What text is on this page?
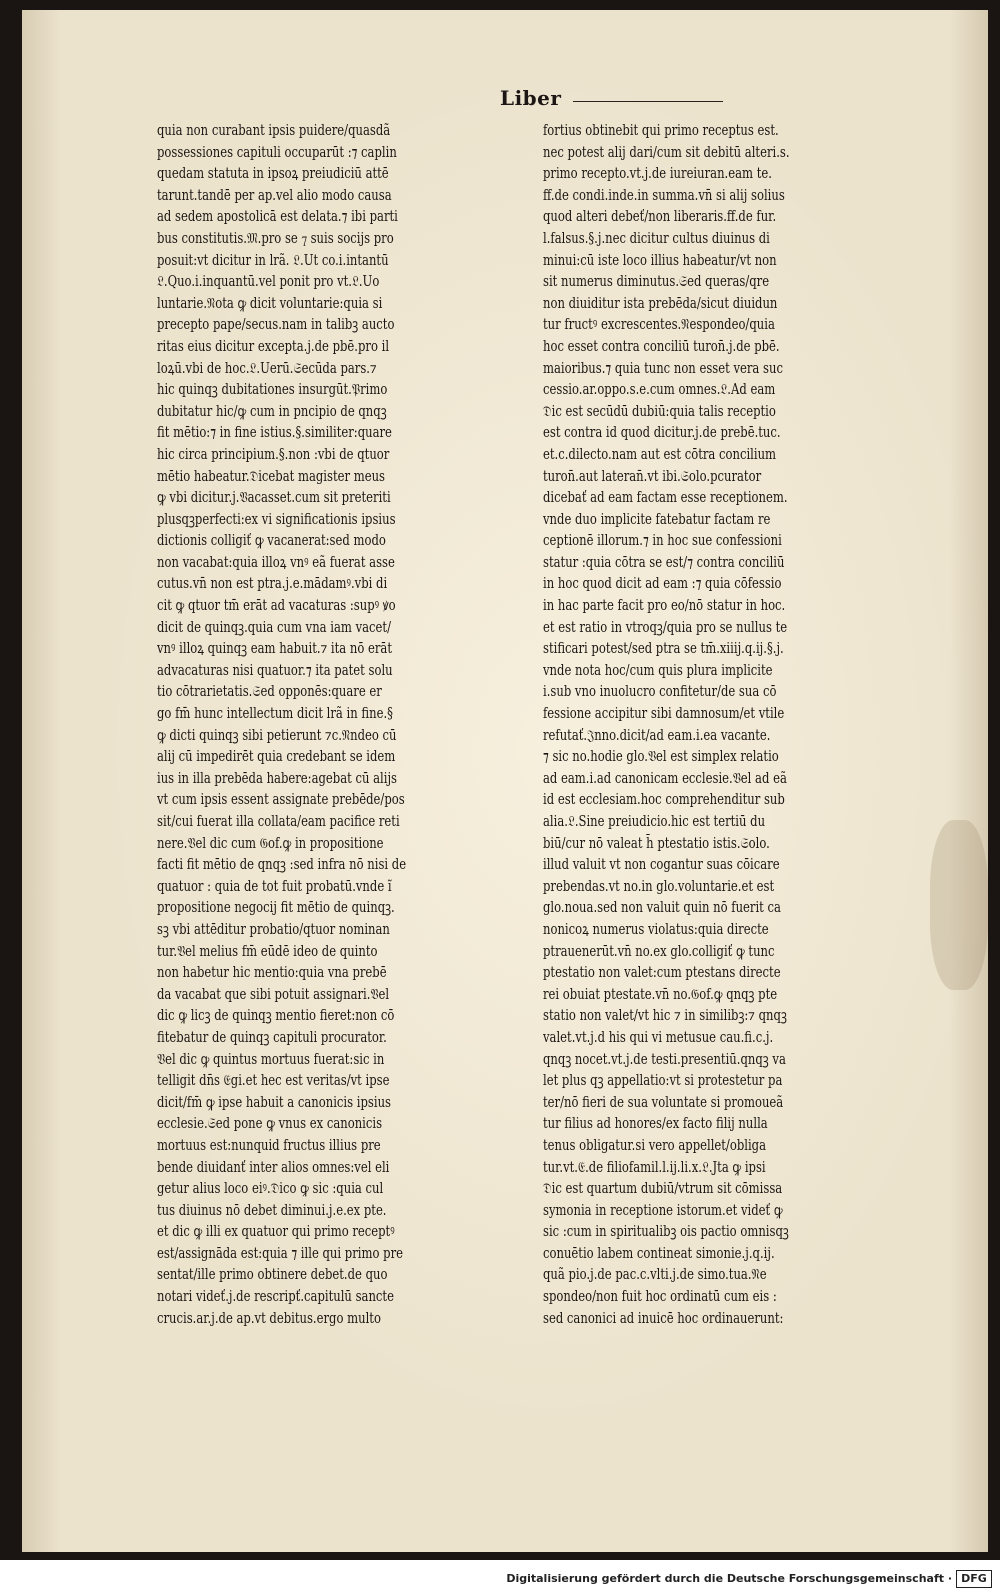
Liber
quia non curabant ipsis puidere/quasdã
possessiones capituli occuparūt :⁊ caplin
quedam statuta in ipsoꝝ preiudiciū attē
tarunt.tandē per ap.vel alio modo causa
ad sedem apostolicā est delata.⁊ ibi parti
bus constitutis.𝔐.pro se ⁊ suis socijs pro
posuit:vt dicitur in lrã. 𝔏.Ut co.i.intantū
𝔏.Quo.i.inquantū.vel ponit pro vt.𝔏.Uo
luntarie.𝔑ota ꝙ dicit voluntarie:quia si
precepto pape/secus.nam in talibꝫ aucto
ritas eius dicitur excepta.j.de pbē.pro il
loꝝū.vbi de hoc.𝔏.Uerū.𝔖ecūda pars.⁊
hic quinqꝫ dubitationes insurgūt.𝔓rimo
dubitatur hic/ꝙ cum in pncipio de qnqꝫ
fit mētio:⁊ in fine istius.§.similiter:quare
hic circa principium.§.non :vbi de qtuor
mētio habeatur.𝔇icebat magister meus
ꝙ vbi dicitur.j.𝔙acasset.cum sit preteriti
plusqꝫperfecti:ex vi significationis ipsius
dictionis colligiť ꝙ vacanerat:sed modo
non vacabat:quia illoꝝ vnꝰ eã fuerat asse
cutus.vn̄ non est ptra.j.e.mādamꝰ.vbi di
cit ꝙ qtuor tm̄ erāt ad vacaturas :supꝰ ꝟo
dicit de quinqꝫ.quia cum vna iam vacet/
vnꝰ illoꝝ quinqꝫ eam habuit.⁊ ita nō erāt
advacaturas nisi quatuor.⁊ ita patet solu
tio cōtrarietatis.𝔖ed opponēs:quare er
go fm̄ hunc intellectum dicit lrã in fine.§
ꝙ dicti quinqꝫ sibi petierunt ⁊c.𝔑ndeo cū
alij cū impedirēt quia credebant se idem
ius in illa prebēda habere:agebat cū alijs
vt cum ipsis essent assignate prebēde/pos
sit/cui fuerat illa collata/eam pacifice reti
nere.𝔙el dic cum 𝔊of.ꝙ in propositione
facti fit mētio de qnqꝫ :sed infra nō nisi de
quatuor : quia de tot fuit probatū.vnde ĩ
propositione negocij fit mētio de quinqꝫ.
sꝫ vbi attēditur probatio/qtuor nominan
tur.𝔙el melius fm̄ eūdē ideo de quinto
non habetur hic mentio:quia vna prebē
da vacabat que sibi potuit assignari.𝔙el
dic ꝙ licꝫ de quinqꝫ mentio fieret:non cō
fitebatur de quinqꝫ capituli procurator.
𝔙el dic ꝙ quintus mortuus fuerat:sic in
telligit dn̄s 𝔈gi.et hec est veritas/vt ipse
dicit/fm̄ ꝙ ipse habuit a canonicis ipsius
ecclesie.𝔖ed pone ꝙ vnus ex canonicis
mortuus est:nunquid fructus illius pre
bende diuidanť inter alios omnes:vel eli
getur alius loco eiꝰ.𝔇ico ꝙ sic :quia cul
tus diuinus nō debet diminui.j.e.ex pte.
et dic ꝙ illi ex quatuor qui primo receptꝰ
est/assignāda est:quia ⁊ ille qui primo pre
sentat/ille primo obtinere debet.de quo
notari videť.j.de rescripť.capitulū sancte
crucis.ar.j.de ap.vt debitus.ergo multo
fortius obtinebit qui primo receptus est.
nec potest alij dari/cum sit debitū alteri.s.
primo recepto.vt.j.de iureiuran.eam te.
ff.de condi.inde.in summa.vn̄ si alij solius
quod alteri debeť/non liberaris.ff.de fur.
l.falsus.§.j.nec dicitur cultus diuinus di
minui:cū iste loco illius habeatur/vt non
sit numerus diminutus.𝔖ed queras/qre
non diuiditur ista prebēda/sicut diuidun
tur fructꝰ excrescentes.𝔑espondeo/quia
hoc esset contra conciliū turon̄.j.de pbē.
maioribus.⁊ quia tunc non esset vera suc
cessio.ar.oppo.s.e.cum omnes.𝔏.Ad eam
𝔇ic est secūdū dubiū:quia talis receptio
est contra id quod dicitur.j.de prebē.tuc.
et.c.dilecto.nam aut est cōtra concilium
turon̄.aut lateran̄.vt ibi.𝔖olo.pcurator
dicebať ad eam factam esse receptionem.
vnde duo implicite fatebatur factam re
ceptionē illorum.⁊ in hoc sue confessioni
statur :quia cōtra se est/⁊ contra conciliū
in hoc quod dicit ad eam :⁊ quia cōfessio
in hac parte facit pro eo/nō statur in hoc.
et est ratio in vtroqꝫ/quia pro se nullus te
stificari potest/sed ptra se tm̄.xiiij.q.ij.§.j.
vnde nota hoc/cum quis plura implicite
i.sub vno inuolucro confitetur/de sua cō
fessione accipitur sibi damnosum/et vtile
refutať.𝔍nno.dicit/ad eam.i.ea vacante.
⁊ sic no.hodie glo.𝔙el est simplex relatio
ad eam.i.ad canonicam ecclesie.𝔙el ad eã
id est ecclesiam.hoc comprehenditur sub
alia.𝔏.Sine preiudicio.hic est tertiū du
biū/cur nō valeat h̄ ptestatio istis.𝔖olo.
illud valuit vt non cogantur suas cōicare
prebendas.vt no.in glo.voluntarie.et est
glo.noua.sed non valuit quin nō fuerit ca
nonicoꝝ numerus violatus:quia directe
ptrauenerūt.vn̄ no.ex glo.colligiť ꝙ tunc
ptestatio non valet:cum ptestans directe
rei obuiat ptestate.vn̄ no.𝔊of.ꝙ qnqꝫ pte
statio non valet/vt hic ⁊ in similibꝫ:⁊ qnqꝫ
valet.vt.j.d his qui vi metusue cau.fi.c.j.
qnqꝫ nocet.vt.j.de testi.presentiū.qnqꝫ va
let plus qꝫ appellatio:vt si protestetur pa
ter/nō fieri de sua voluntate si promoueã
tur filius ad honores/ex facto filij nulla
tenus obligatur.si vero appellet/obliga
tur.vt.𝔈.de filiofamil.l.ij.li.x.𝔏.Jta ꝙ ipsi
𝔇ic est quartum dubiū/vtrum sit cōmissa
symonia in receptione istorum.et videť ꝙ
sic :cum in spiritualibꝫ ois pactio omnisqꝫ
conuētio labem contineat simonie.j.q.ij.
quã pio.j.de pac.c.vlti.j.de simo.tua.𝔑e
spondeo/non fuit hoc ordinatū cum eis :
sed canonici ad inuicē hoc ordinauerunt:
Digitalisierung gefördert durch die Deutsche Forschungsgemeinschaft · DFG
